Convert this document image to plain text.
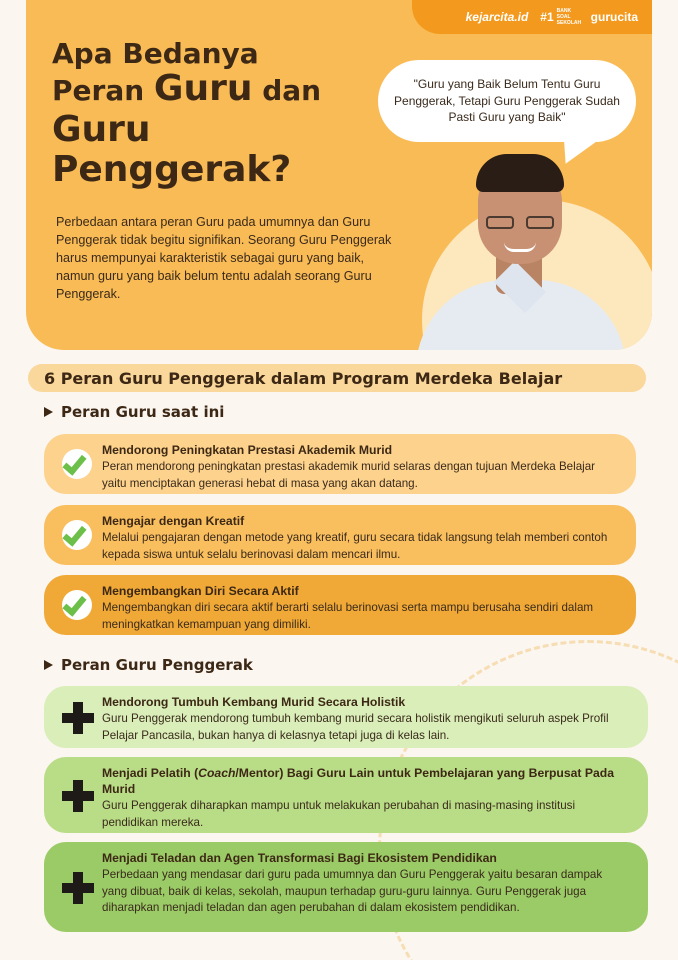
kejarcita.id #1 BANK SOAL SEKOLAH gurucita
Apa Bedanya
Peran Guru dan
Guru
Penggerak?
Perbedaan antara peran Guru pada umumnya dan Guru Penggerak tidak begitu signifikan. Seorang Guru Penggerak harus mempunyai karakteristik sebagai guru yang baik, namun guru yang baik belum tentu adalah seorang Guru Penggerak.
"Guru yang Baik Belum Tentu Guru Penggerak, Tetapi Guru Penggerak Sudah Pasti Guru yang Baik"
6 Peran Guru Penggerak dalam Program Merdeka Belajar
Peran Guru saat ini
Mendorong Peningkatan Prestasi Akademik Murid

Peran mendorong peningkatan prestasi akademik murid selaras dengan tujuan Merdeka Belajar yaitu menciptakan generasi hebat di masa yang akan datang.

Mengajar dengan Kreatif

Melalui pengajaran dengan metode yang kreatif, guru secara tidak langsung telah memberi contoh kepada siswa untuk selalu berinovasi dalam mencari ilmu.

Mengembangkan Diri Secara Aktif

Mengembangkan diri secara aktif berarti selalu berinovasi serta mampu berusaha sendiri dalam meningkatkan kemampuan yang dimiliki.

Peran Guru Penggerak
Mendorong Tumbuh Kembang Murid Secara Holistik

Guru Penggerak mendorong tumbuh kembang murid secara holistik mengikuti seluruh aspek Profil Pelajar Pancasila, bukan hanya di kelasnya tetapi juga di kelas lain.

Menjadi Pelatih (Coach/Mentor) Bagi Guru Lain untuk Pembelajaran yang Berpusat Pada Murid

Guru Penggerak diharapkan mampu untuk melakukan perubahan di masing-masing institusi pendidikan mereka.

Menjadi Teladan dan Agen Transformasi Bagi Ekosistem Pendidikan

Perbedaan yang mendasar dari guru pada umumnya dan Guru Penggerak yaitu besaran dampak yang dibuat, baik di kelas, sekolah, maupun terhadap guru-guru lainnya. Guru Penggerak juga diharapkan menjadi teladan dan agen perubahan di dalam ekosistem pendidikan.
